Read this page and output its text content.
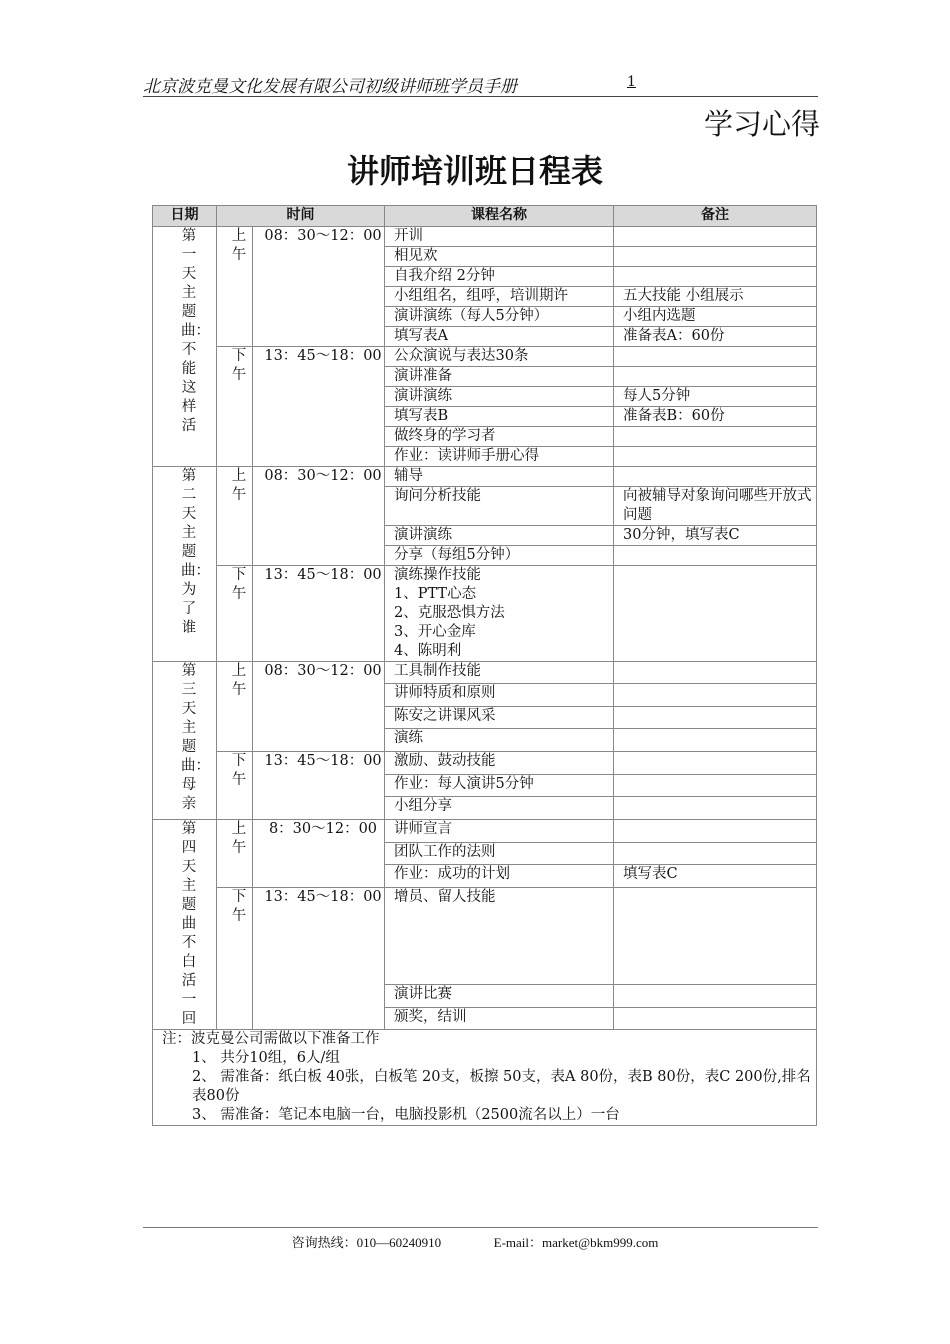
北京波克曼文化发展有限公司初级讲师班学员手册	1
学习心得
讲师培训班日程表
日期	时间		课程名称	备注
第一天 主题曲：不能这样活	上午	08：30～12：00	开训	
			相见欢	
			自我介绍 2分钟	
			小组组名，组呼，培训期许	五大技能 小组展示
			演讲演练（每人5分钟）	小组内选题
			填写表A	准备表A：60份
	下午	13：45～18：00	公众演说与表达30条	
			演讲准备	
			演讲演练	每人5分钟
			填写表B	准备表B：60份
			做终身的学习者	
			作业：读讲师手册心得	
第二天主题曲：为了谁	上午	08：30～12：00	辅导	
			询问分析技能	向被辅导对象询问哪些开放式问题
			演讲演练	30分钟，填写表C
			分享（每组5分钟）	
	下午	13：45～18：00	演练操作技能
1、PTT心态
2、克服恐惧方法
3、开心金库
4、陈明利	
第三天 主题曲：母亲	上午	08：30～12：00	工具制作技能	
			讲师特质和原则	
			陈安之讲课风采	
			演练	
	下午	13：45～18：00	激励、鼓动技能	
			作业：每人演讲5分钟	
			小组分享	
第四天主题曲不白活一回	上午	8：30～12：00	讲师宣言	
			团队工作的法则	
			作业：成功的计划	填写表C
	下午	13：45～18：00	增员、留人技能	
			演讲比赛	
			颁奖，结训	

注：波克曼公司需做以下准备工作
1、 共分10组，6人/组
2、 需准备：纸白板 40张，白板笔 20支，板擦 50支，表A 80份，表B 80份，表C 200份,排名表80份
3、 需准备：笔记本电脑一台，电脑投影机（2500流名以上）一台				
咨询热线：010—60240910	E-mail：market@bkm999.com
